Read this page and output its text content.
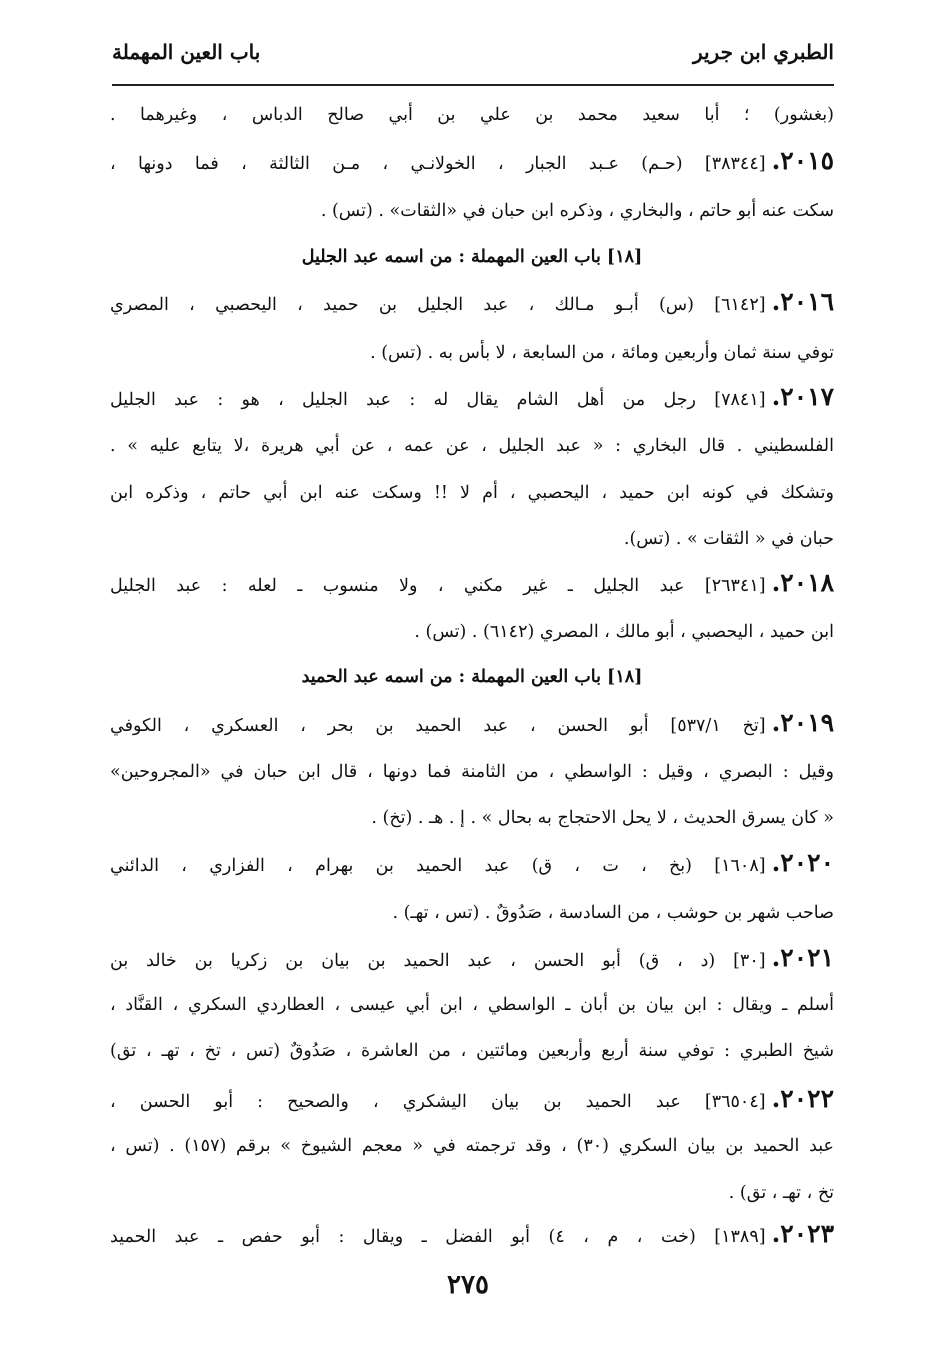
الطبري ابن جرير
باب العين المهملة
(بغشور) ؛ أبا سعيد محمد بن علي بن أبي صالح الدباس ، وغيرهما .
٢٠١٥.[٣٨٣٤٤] (حـم) عـبد الجبار ، الخولانـي ، مـن الثالثة ، فما دونها ،
سكت عنه أبو حاتم ، والبخاري ، وذكره ابن حبان في «الثقات» . (تس) .
[١٨] باب العين المهملة : من اسمه عبد الجليل
٢٠١٦.[٦١٤٢] (س) أبـو مـالك ، عبد الجليل بن حميد ، اليحصبي ، المصري
توفي سنة ثمان وأربعين ومائة ، من السابعة ، لا بأس به . (تس) .
٢٠١٧.[٧٨٤١] رجل من أهل الشام يقال له : عبد الجليل ، هو : عبد الجليل
الفلسطيني . قال البخاري : « عبد الجليل ، عن عمه ، عن أبي هريرة ،لا يتابع عليه » .
وتشكك في كونه ابن حميد ، اليحصبي ، أم لا !! وسكت عنه ابن أبي حاتم ، وذكره ابن
حبان في « الثقات » . (تس).
٢٠١٨.[٢٦٣٤١] عبد الجليل ـ غير مكني ، ولا منسوب ـ لعله : عبد الجليل
ابن حميد ، اليحصبي ، أبو مالك ، المصري (٦١٤٢) . (تس) .
[١٨] باب العين المهملة : من اسمه عبد الحميد
٢٠١٩.[تخ ٥٣٧/١] أبو الحسن ، عبد الحميد بن بحر ، العسكري ، الكوفي
وقيل : البصري ، وقيل : الواسطي ، من الثامنة فما دونها ، قال ابن حبان في «المجروحين»
« كان يسرق الحديث ، لا يحل الاحتجاج به بحال » . إ . هـ . (تخ) .
٢٠٢٠.[١٦٠٨] (بخ ، ت ، ق) عبد الحميد بن بهرام ، الفزاري ، الدائني
صاحب شهر بن حوشب ، من السادسة ، صَدُوقٌ . (تس ، تهـ) .
٢٠٢١.[٣٠] (د ، ق) أبو الحسن ، عبد الحميد بن بيان بن زكريا بن خالد بن
أسلم ـ ويقال : ابن بيان بن أبان ـ الواسطي ، ابن أبي عيسى ، العطاردي السكري ، القنَّاد ،
شيخ الطبري : توفي سنة أربع وأربعين ومائتين ، من العاشرة ، صَدُوقٌ (تس ، تخ ، تهـ ، تق)
٢٠٢٢.[٣٦٥٠٤] عبد الحميد بن بيان اليشكري ، والصحيح : أبو الحسن ،
عبد الحميد بن بيان السكري (٣٠) ، وقد ترجمته في « معجم الشيوخ » برقم (١٥٧) . (تس ،
تخ ، تهـ ، تق) .
٢٠٢٣.[١٣٨٩] (خت ، م ، ٤) أبو الفضل ـ ويقال : أبو حفص ـ عبد الحميد
٢٧٥
